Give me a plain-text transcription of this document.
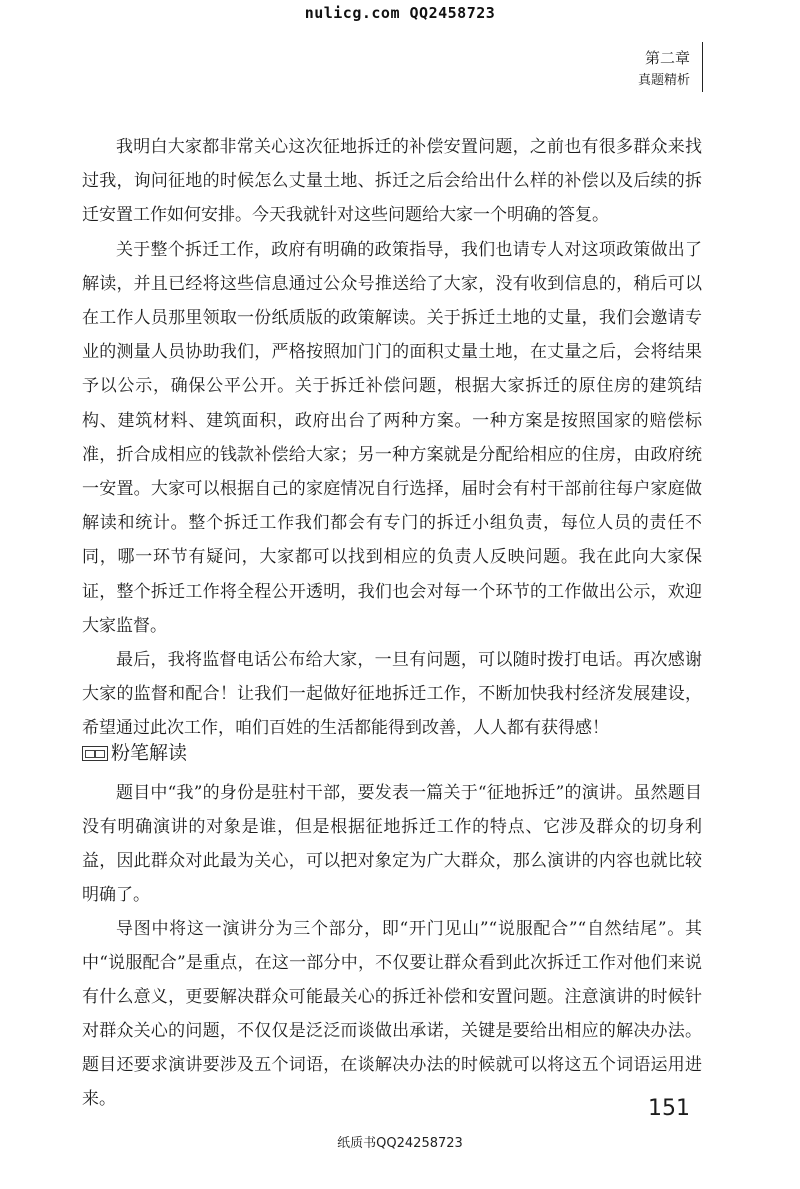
nulicg.com QQ2458723
第二章
真题精析

我明白大家都非常关心这次征地拆迁的补偿安置问题，之前也有很多群众来找过我，询问征地的时候怎么丈量土地、拆迁之后会给出什么样的补偿以及后续的拆迁安置工作如何安排。今天我就针对这些问题给大家一个明确的答复。

关于整个拆迁工作，政府有明确的政策指导，我们也请专人对这项政策做出了解读，并且已经将这些信息通过公众号推送给了大家，没有收到信息的，稍后可以在工作人员那里领取一份纸质版的政策解读。关于拆迁土地的丈量，我们会邀请专业的测量人员协助我们，严格按照加门门的面积丈量土地，在丈量之后，会将结果予以公示，确保公平公开。关于拆迁补偿问题，根据大家拆迁的原住房的建筑结构、建筑材料、建筑面积，政府出台了两种方案。一种方案是按照国家的赔偿标准，折合成相应的钱款补偿给大家；另一种方案就是分配给相应的住房，由政府统一安置。大家可以根据自己的家庭情况自行选择，届时会有村干部前往每户家庭做解读和统计。整个拆迁工作我们都会有专门的拆迁小组负责，每位人员的责任不同，哪一环节有疑问，大家都可以找到相应的负责人反映问题。我在此向大家保证，整个拆迁工作将全程公开透明，我们也会对每一个环节的工作做出公示，欢迎大家监督。

最后，我将监督电话公布给大家，一旦有问题，可以随时拨打电话。再次感谢大家的监督和配合！让我们一起做好征地拆迁工作，不断加快我村经济发展建设，希望通过此次工作，咱们百姓的生活都能得到改善，人人都有获得感！

粉笔解读

题目中“我”的身份是驻村干部，要发表一篇关于“征地拆迁”的演讲。虽然题目没有明确演讲的对象是谁，但是根据征地拆迁工作的特点、它涉及群众的切身利益，因此群众对此最为关心，可以把对象定为广大群众，那么演讲的内容也就比较明确了。

导图中将这一演讲分为三个部分，即“开门见山”“说服配合”“自然结尾”。其中“说服配合”是重点，在这一部分中，不仅要让群众看到此次拆迁工作对他们来说有什么意义，更要解决群众可能最关心的拆迁补偿和安置问题。注意演讲的时候针对群众关心的问题，不仅仅是泛泛而谈做出承诺，关键是要给出相应的解决办法。题目还要求演讲要涉及五个词语，在谈解决办法的时候就可以将这五个词语运用进来。	151
纸质书QQ24258723
